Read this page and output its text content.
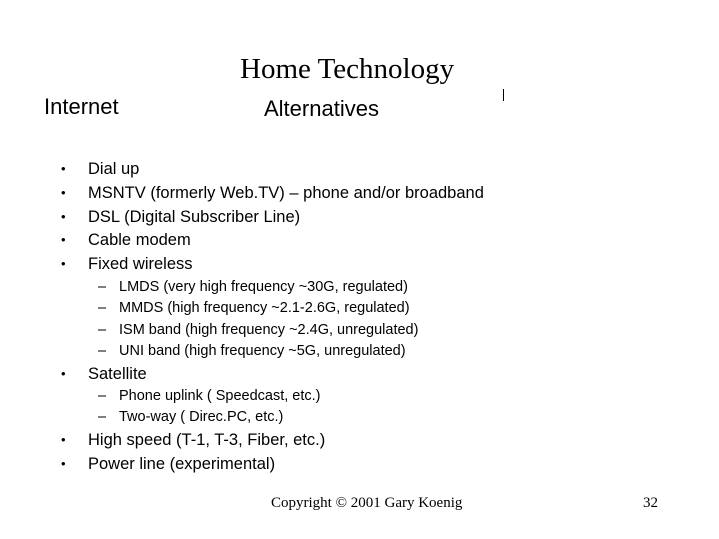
Home Technology
Internet	Alternatives
•	Dial up
•	MSNTV (formerly Web.TV) – phone and/or broadband
•	DSL (Digital Subscriber Line)
•	Cable modem
•	Fixed wireless
– LMDS (very high frequency ~30G, regulated)
– MMDS (high frequency ~2.1-2.6G, regulated)
– ISM band (high frequency ~2.4G, unregulated)
– UNI band (high frequency ~5G, unregulated)
•	Satellite
– Phone uplink ( Speedcast, etc.)
– Two-way ( Direc.PC, etc.)
•	High speed (T-1, T-3, Fiber, etc.)
•	Power line (experimental)
Copyright © 2001 Gary Koenig	32
